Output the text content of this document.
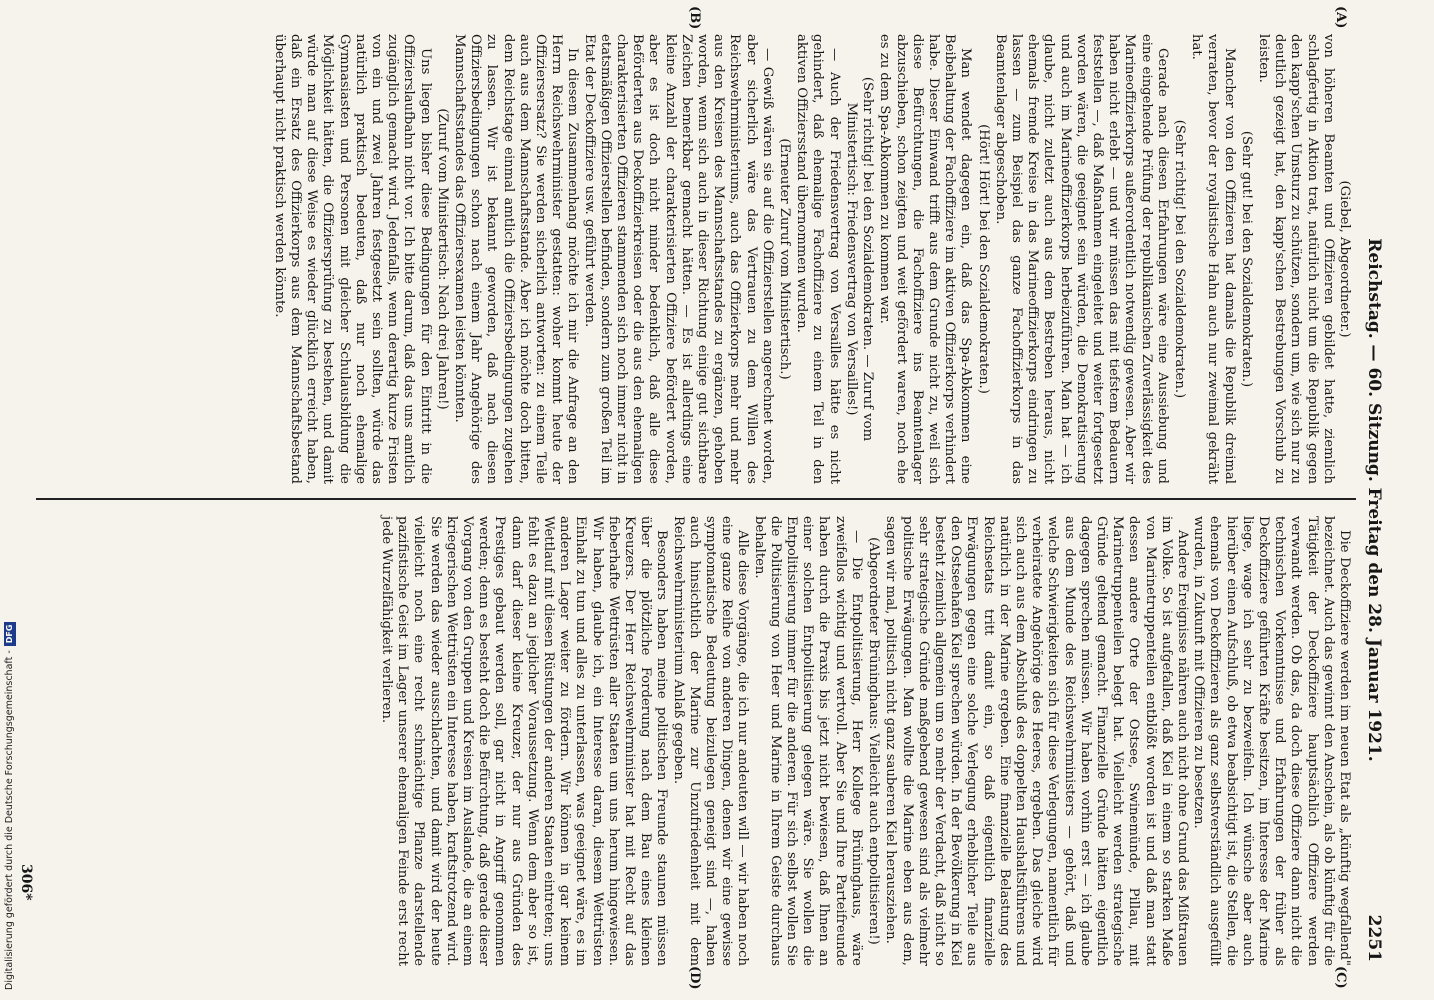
Digitalisierung gefördert durch die Deutsche Forschungsgemeinschaft -DFG	Reichstag. — 60. Sitzung. Freitag den 28. Januar 1921.
2251
(A)
(B)
(C)
(D)

(Giebel, Abgeordneter.)

von höheren Beamten und Offizieren gebildet hatte, ziemlich schlagfertig in Aktion trat, natürlich nicht um die Republik gegen den kapp'schen Umsturz zu schützen, sondern um, wie sich nur zu deutlich gezeigt hat, den kapp'schen Bestrebungen Vorschub zu leisten.

(Sehr gut! bei den Sozialdemokraten.)

Mancher von den Offizieren hat damals die Republik dreimal verraten, bevor der royalistische Hahn auch nur zweimal gekräht hat.

(Sehr richtig! bei den Sozialdemokraten.)

Gerade nach diesen Erfahrungen wäre eine Aussiebung und eine eingehende Prüfung der republikanischen Zuverlässigkeit des Marineoffizierkorps außerordentlich notwendig gewesen. Aber wir haben nicht erlebt — und wir müssen das mit tiefstem Bedauern feststellen —, daß Maßnahmen eingeleitet und weiter fortgesetzt worden wären, die geeignet sein würden, die Demokratisierung und auch im Marineoffizierkorps herbeizuführen. Man hat — ich glaube, nicht zuletzt auch aus dem Bestreben heraus, nicht ehemals fremde Kreise in das Marineoffizierkorps eindringen zu lassen — zum Beispiel das ganze Fachoffizierkorps in das Beamtenlager abgeschoben.

(Hört! Hört! bei den Sozialdemokraten.)

Man wendet dagegen ein, daß das Spa-Abkommen eine Beibehaltung der Fachoffiziere im aktiven Offizierkorps verhindert habe. Dieser Einwand trifft aus dem Grunde nicht zu, weil sich diese Befürchtungen, die Fachoffiziere ins Beamtenlager abzuschieben, schon zeigten und weit gefördert waren, noch ehe es zu dem Spa-Abkommen zu kommen war.

(Sehr richtig! bei den Sozialdemokraten. — Zuruf vom Ministertisch: Friedensvertrag von Versailles!)

— Auch der Friedensvertrag von Versailles hätte es nicht gehindert, daß ehemalige Fachoffiziere zu einem Teil in den aktiven Offiziersstand übernommen wurden.

(Erneuter Zuruf vom Ministertisch.)

— Gewiß wären sie auf die Offizierstellen angerechnet worden, aber sicherlich wäre das Vertrauen zu dem Willen des Reichswehrministeriums, auch das Offizierkorps mehr und mehr aus den Kreisen des Mannschaftsstandes zu ergänzen, gehoben worden, wenn sich auch in dieser Richtung einige gut sichtbare Zeichen bemerkbar gemacht hätten. — Es ist allerdings eine kleine Anzahl der charakterisierten Offiziere befördert worden, aber es ist doch nicht minder bedenklich, daß alle diese Beförderten aus Deckoffizierkreisen oder die aus den ehemaligen charakterisierten Offizieren stammenden sich noch immer nicht in etatsmäßigen Offizierstellen befinden, sondern zum großen Teil im Etat der Deckoffiziere usw. geführt werden.

In diesem Zusammenhang möchte ich mir die Anfrage an den Herrn Reichswehrminister gestatten: woher kommt heute der Offiziersersatz? Sie werden sicherlich antworten: zu einem Teile auch aus dem Mannschaftsstande. Aber ich möchte doch bitten, dem Reichstage einmal amtlich die Offiziersbedingungen zugehen zu lassen. Wir ist bekannt geworden, daß nach diesen Offiziersbedingungen schon nach einem Jahr Angehörige des Mannschaftsstandes das Offiziersexamen leisten könnten.

(Zuruf vom Ministertisch: Nach drei Jahren!)

Uns liegen bisher diese Bedingungen für den Eintritt in die Offizierslaufbahn nicht vor. Ich bitte darum, daß das uns amtlich zugänglich gemacht wird. Jedenfalls, wenn derartig kurze Fristen von ein und zwei Jahren festgesetzt sein sollten, würde das natürlich praktisch bedeuten, daß nur noch ehemalige Gymnasiasten und Personen mit gleicher Schulausbildung die Möglichkeit hätten, die Offiziersprüfung zu bestehen, und damit würde man auf diese Weise es wieder glücklich erreicht haben, daß ein Ersatz des Offizierkorps aus dem Mannschaftsbestand überhaupt nicht praktisch werden könnte.

Die Deckoffiziere werden im neuen Etat als „künftig wegfallend" bezeichnet. Auch das gewinnt den Anschein, als ob künftig für die Tätigkeit der Deckoffiziere hauptsächlich Offiziere werden verwandt werden. Ob das, da doch diese Offiziere dann nicht die technischen Vorkenntnisse und Erfahrungen der früher als Deckoffiziere geführten Kräfte besitzen, im Interesse der Marine liege, wage ich sehr zu bezweifeln. Ich wünsche aber auch hierüber einen Aufschluß, ob etwa beabsichtigt ist, die Stellen, die ehemals von Deckoffizieren als ganz selbstverständlich ausgefüllt wurden, in Zukunft mit Offizieren zu besetzen.

Andere Ereignisse nähren auch nicht ohne Grund das Mißtrauen im Volke. So ist aufgefallen, daß Kiel in einem so starken Maße von Marinetruppenteilen entblößt worden ist und daß man statt dessen andere Orte der Ostsee, Swinemünde, Pillau, mit Marinetruppenteilen belegt hat. Vielleicht werden strategische Gründe geltend gemacht. Finanzielle Gründe hätten eigentlich dagegen sprechen müssen. Wir haben vorhin erst — ich glaube aus dem Munde des Reichswehrministers — gehört, daß und welche Schwierigkeiten sich für diese Verlegungen, namentlich für verheiratete Angehörige des Heeres, ergeben. Das gleiche wird sich auch aus dem Abschluß des doppelten Haushaltsführens und natürlich in der Marine ergeben. Eine finanzielle Belastung des Reichsetats tritt damit ein, so daß eigentlich finanzielle Erwägungen gegen eine solche Verlegung erheblicher Teile aus den Ostseehafen Kiel sprechen würden. In der Bevölkerung in Kiel besteht ziemlich allgemein um so mehr der Verdacht, daß nicht so sehr strategische Gründe maßgebend gewesen sind als vielmehr politische Erwägungen. Man wollte die Marine eben aus dem, sagen wir mal, politisch nicht ganz sauberen Kiel herausziehen.

(Abgeordneter Brüninghaus: Vielleicht auch entpolitisieren!)

— Die Entpolitisierung, Herr Kollege Brüninghaus, wäre zweifellos wichtig und wertvoll. Aber Sie und Ihre Parteifreunde haben durch die Praxis bis jetzt nicht bewiesen, daß Ihnen an einer solchen Entpolitisierung gelegen wäre. Sie wollen die Entpolitisierung immer für die anderen. Für sich selbst wollen Sie die Politisierung von Heer und Marine in Ihrem Geiste durchaus behalten.

Alle diese Vorgänge, die ich nur andeuten will — wir haben noch eine ganze Reihe von anderen Dingen, denen wir eine gewisse symptomatische Bedeutung beizulegen geneigt sind —, haben auch hinsichtlich der Marine zur Unzufriedenheit mit dem Reichswehrministerium Anlaß gegeben.

Besonders haben meine politischen Freunde staunen müssen über die plötzliche Forderung nach dem Bau eines kleinen Kreuzers. Der Herr Reichswehrminister hat mit Recht auf das fieberhafte Wettrüsten aller Staaten um uns herum hingewiesen. Wir haben, glaube ich, ein Interesse daran, diesem Wettrüsten Einhalt zu tun und alles zu unterlassen, was geeignet wäre, es im anderen Lager weiter zu fördern. Wir können in gar keinem Wettlauf mit diesen Rüstungen der anderen Staaten eintreten; uns fehlt es dazu an jeglicher Voraussetzung. Wenn dem aber so ist, dann darf dieser kleine Kreuzer, der nur aus Gründen des Prestiges gebaut werden soll, gar nicht in Angriff genommen werden; denn es besteht doch die Befürchtung, daß gerade dieser Vorgang von den Gruppen und Kreisen im Auslande, die an einem kriegerischen Wettrüsten ein Interesse haben, kraftstrotzend wird. Sie werden das wieder ausschlachten, und damit wird der heute vielleicht noch eine recht schmächtige Pflanze darstellende pazifistische Geist im Lager unserer ehemaligen Feinde erst recht jede Wurzelfähigkeit verlieren.

306*
